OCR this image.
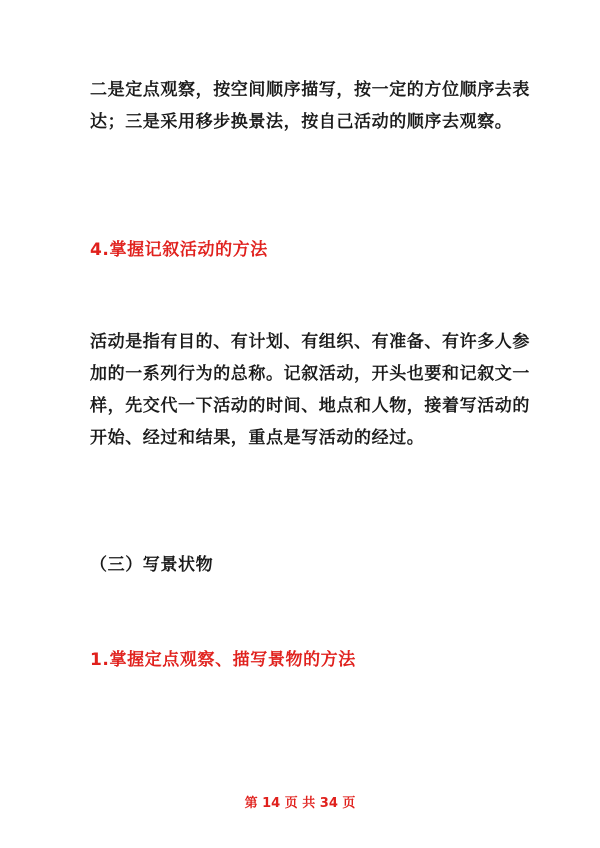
二是定点观察，按空间顺序描写，按一定的方位顺序去表达；三是采用移步换景法，按自己活动的顺序去观察。

4.掌握记叙活动的方法

活动是指有目的、有计划、有组织、有准备、有许多人参加的一系列行为的总称。记叙活动，开头也要和记叙文一样，先交代一下活动的时间、地点和人物，接着写活动的开始、经过和结果，重点是写活动的经过。

（三）写景状物
1.掌握定点观察、描写景物的方法
第 14 页 共 34 页
